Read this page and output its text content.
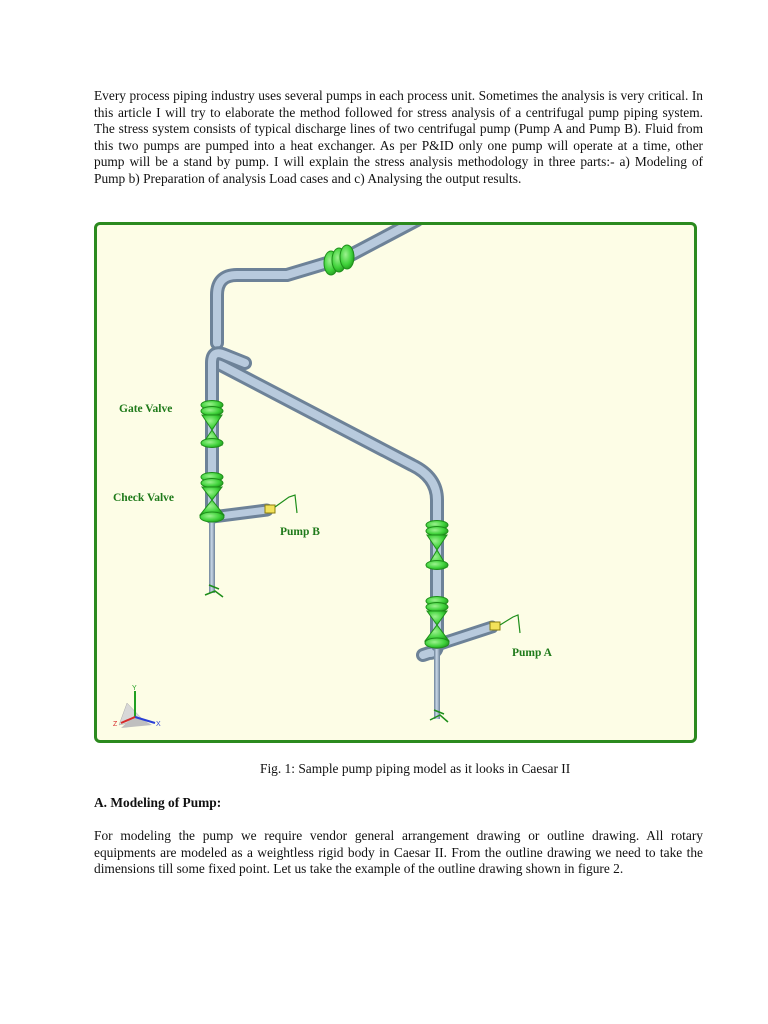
Every process piping industry uses several pumps in each process unit. Sometimes the analysis is very critical. In this article I will try to elaborate the method followed for stress analysis of a centrifugal pump piping system. The stress system consists of typical discharge lines of two centrifugal pump (Pump A and Pump B). Fluid from this two pumps are pumped into a heat exchanger. As per P&ID only one pump will operate at a time, other pump will be a stand by pump. I will explain the stress analysis methodology in three parts:- a) Modeling of Pump b) Preparation of analysis Load cases and c) Analysing the output results.

Gate Valve
Check Valve
Pump B
Pump A
Y
X
Z

Fig. 1: Sample pump piping model as it looks in Caesar II

A. Modeling of Pump:

For modeling the pump we require vendor general arrangement drawing or outline drawing. All rotary equipments are modeled as a weightless rigid body in Caesar II. From the outline drawing we need to take the dimensions till some fixed point. Let us take the example of the outline drawing shown in figure 2.
